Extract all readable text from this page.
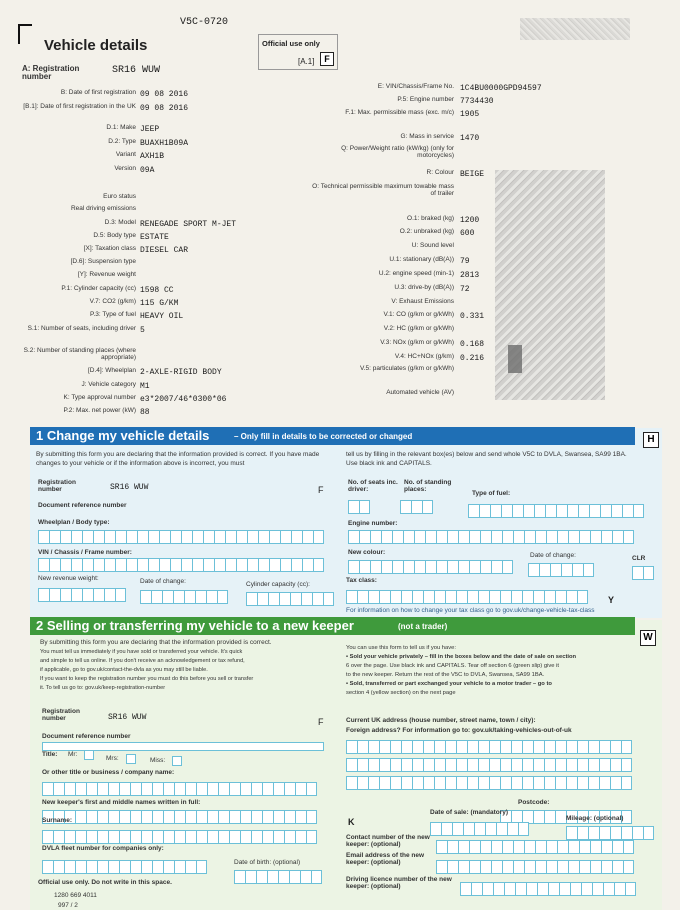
V5C-0720
Vehicle details	Official use only
[A.1]	F
A: Registration number
SR16 WUW
B: Date of first registration 09 08 2016
[B.1]: Date of first registration in the UK 09 08 2016
D.1: Make JEEP
D.2: Type BUAXH1B09A
Variant AXH1B
Version 09A
Euro status
Real driving emissions
D.3: Model RENEGADE SPORT M-JET
D.5: Body type ESTATE
[X]: Taxation class DIESEL CAR
[D.6]: Suspension type
[Y]: Revenue weight
P.1: Cylinder capacity (cc) 1598 CC
V.7: CO2 (g/km) 115 G/KM
P.3: Type of fuel HEAVY OIL
S.1: Number of seats, including driver 5
S.2: Number of standing places (where appropriate)
[D.4]: Wheelplan 2-AXLE-RIGID BODY
J: Vehicle category M1
K: Type approval number e3*2007/46*0300*06
P.2: Max. net power (kW) 88
E: VIN/Chassis/Frame No. 1C4BU0000GPD94597
P.5: Engine number 7734430
F.1: Max. permissible mass (exc. m/c) 1905
G: Mass in service 1470
Q: Power/Weight ratio (kW/kg) (only for motorcycles)
R: Colour BEIGE
O: Technical permissible maximum towable mass of trailer
O.1: braked (kg) 1200
O.2: unbraked (kg) 600
U: Sound level
U.1: stationary (dB(A)) 79
U.2: engine speed (min-1) 2813
U.3: drive-by (dB(A)) 72
V: Exhaust Emissions
V.1: CO (g/km or g/kWh) 0.331
V.2: HC (g/km or g/kWh)
V.3: NOx (g/km or g/kWh) 0.168
V.4: HC+NOx (g/km) 0.216
V.5: particulates (g/km or g/kWh)
Automated vehicle (AV)
1 Change my vehicle details	– Only fill in details to be corrected or changed	H
By submitting this form you are declaring that the information provided is correct. If you have made changes to your vehicle or if the information above is incorrect, you must
tell us by filling in the relevant box(es) below and send whole V5C to DVLA, Swansea, SA99 1BA. Use black ink and CAPITALS.
Registration number	SR16 WUW	F
No. of seats inc. driver:
No. of standing places:
Type of fuel:
Document reference number
Wheelplan / Body type:	Engine number:
VIN / Chassis / Frame number:	New colour:	Date of change:	CLR
New revenue weight:	Date of change:	Cylinder capacity (cc):
Tax class:
Y
For information on how to change your tax class go to gov.uk/change-vehicle-tax-class
2 Selling or transferring my vehicle to a new keeper	(not a trader)
W
By submitting this form you are declaring that the information provided is correct.
You must tell us immediately if you have sold or transferred your vehicle. It's quick
and simple to tell us online. If you don't receive an acknowledgement or tax refund,
if applicable, go to gov.uk/contact-the-dvla as you may still be liable.
If you want to keep the registration number you must do this before you sell or transfer
it. To tell us go to: gov.uk/keep-registration-number
You can use this form to tell us if you have:
• Sold your vehicle privately – fill in the boxes below and the date of sale on section
6 over the page. Use black ink and CAPITALS. Tear off section 6 (green slip) give it
to the new keeper. Return the rest of the V5C to DVLA, Swansea, SA99 1BA.
• Sold, transferred or part exchanged your vehicle to a motor trader – go to
section 4 (yellow section) on the next page
Registration number	SR16 WUW	F
Document reference number
Current UK address (house number, street name, town / city):
Foreign address? For information go to: gov.uk/taking-vehicles-out-of-uk
Title: Mr:
Mrs:	Miss:
Or other title or business / company name:
New keeper's first and middle names written in full:	Postcode:
Surname:	K
Date of sale: (mandatory)
Mileage: (optional)
DVLA fleet number for companies only:
Date of birth: (optional)
Contact number of the new keeper: (optional)
Email address of the new keeper: (optional)
Driving licence number of the new keeper: (optional)
Official use only. Do not write in this space.
1280 669 4011
997 / 2
